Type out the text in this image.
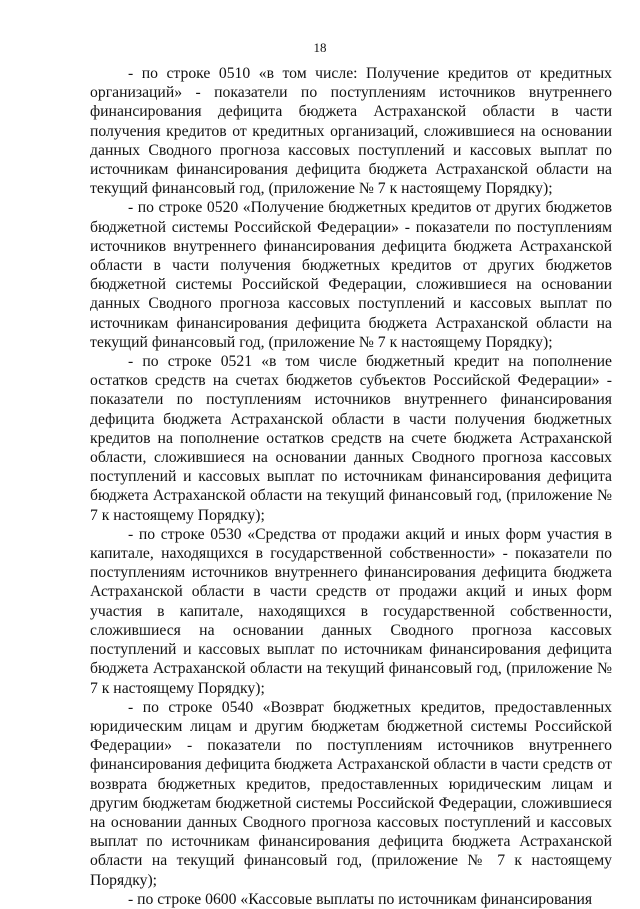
18

- по строке 0510 «в том числе: Получение кредитов от кредитных организаций» - показатели по поступлениям источников внутреннего финансирования дефицита бюджета Астраханской области в части получения кредитов от кредитных организаций, сложившиеся на основании данных Сводного прогноза кассовых поступлений и кассовых выплат по источникам финансирования дефицита бюджета Астраханской области на текущий финансовый год, (приложение № 7 к настоящему Порядку);

- по строке 0520 «Получение бюджетных кредитов от других бюджетов бюджетной системы Российской Федерации» - показатели по поступлениям источников внутреннего финансирования дефицита бюджета Астраханской области в части получения бюджетных кредитов от других бюджетов бюджетной системы Российской Федерации, сложившиеся на основании данных Сводного прогноза кассовых поступлений и кассовых выплат по источникам финансирования дефицита бюджета Астраханской области на текущий финансовый год, (приложение № 7 к настоящему Порядку);

- по строке 0521 «в том числе бюджетный кредит на пополнение остатков средств на счетах бюджетов субъектов Российской Федерации» - показатели по поступлениям источников внутреннего финансирования дефицита бюджета Астраханской области в части получения бюджетных кредитов на пополнение остатков средств на счете бюджета Астраханской области, сложившиеся на основании данных Сводного прогноза кассовых поступлений и кассовых выплат по источникам финансирования дефицита бюджета Астраханской области на текущий финансовый год, (приложение № 7 к настоящему Порядку);

- по строке 0530 «Средства от продажи акций и иных форм участия в капитале, находящихся в государственной собственности» - показатели по поступлениям источников внутреннего финансирования дефицита бюджета Астраханской области в части средств от продажи акций и иных форм участия в капитале, находящихся в государственной собственности, сложившиеся на основании данных Сводного прогноза кассовых поступлений и кассовых выплат по источникам финансирования дефицита бюджета Астраханской области на текущий финансовый год, (приложение № 7 к настоящему Порядку);

- по строке 0540 «Возврат бюджетных кредитов, предоставленных юридическим лицам и другим бюджетам бюджетной системы Российской Федерации» - показатели по поступлениям источников внутреннего финансирования дефицита бюджета Астраханской области в части средств от возврата бюджетных кредитов, предоставленных юридическим лицам и другим бюджетам бюджетной системы Российской Федерации, сложившиеся на основании данных Сводного прогноза кассовых поступлений и кассовых выплат по источникам финансирования дефицита бюджета Астраханской области на текущий финансовый год, (приложение № 7 к настоящему Порядку);

- по строке 0600 «Кассовые выплаты по источникам финансирования
